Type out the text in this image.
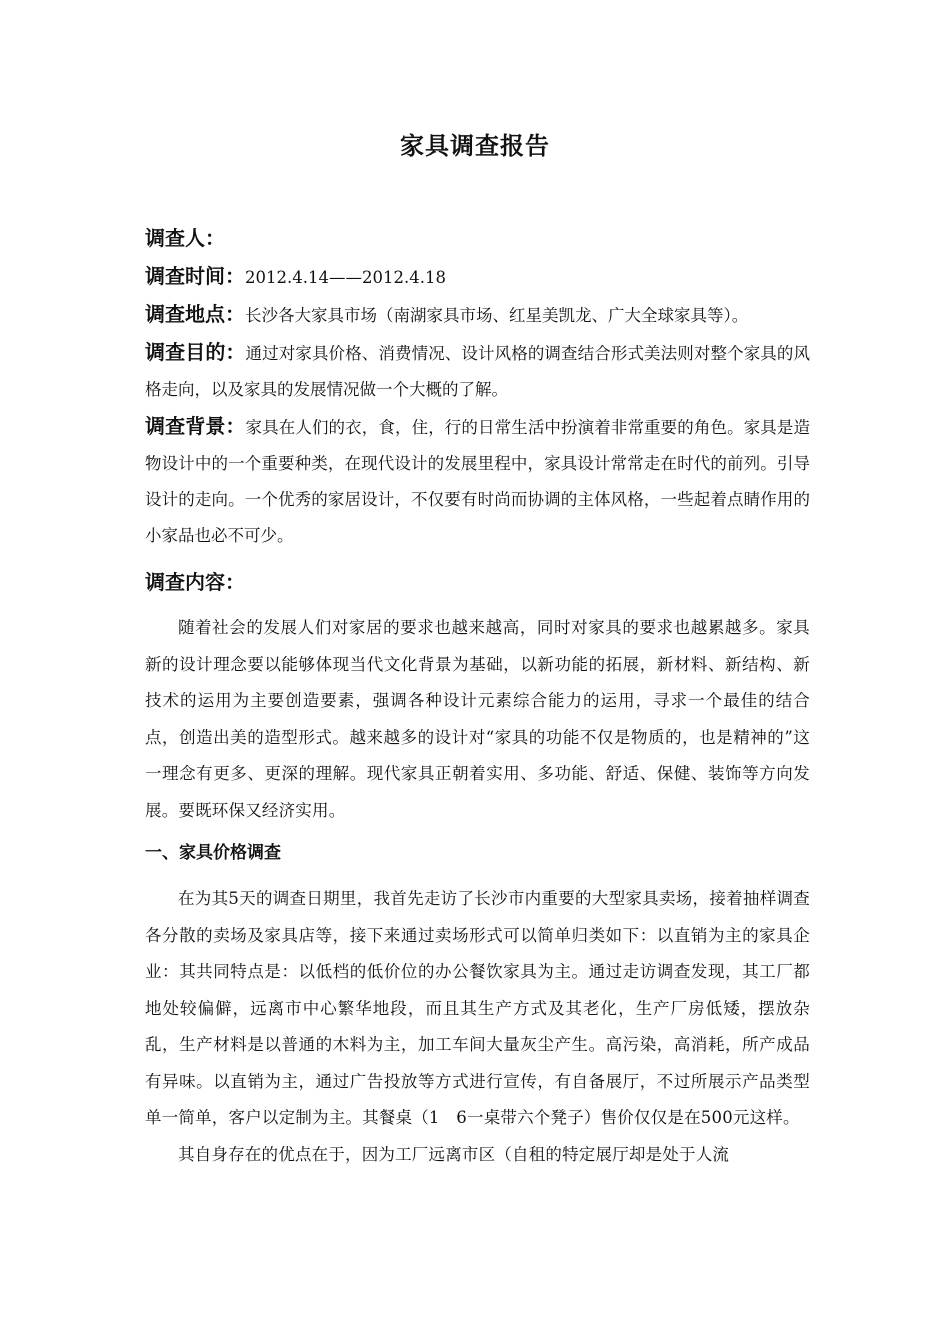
家具调查报告

调查人：

调查时间：2012.4.14——2012.4.18

调查地点：长沙各大家具市场（南湖家具市场、红星美凯龙、广大全球家具等）。

调查目的：通过对家具价格、消费情况、设计风格的调查结合形式美法则对整个家具的风格走向，以及家具的发展情况做一个大概的了解。

调查背景：家具在人们的衣，食，住，行的日常生活中扮演着非常重要的角色。家具是造物设计中的一个重要种类，在现代设计的发展里程中，家具设计常常走在时代的前列。引导设计的走向。一个优秀的家居设计，不仅要有时尚而协调的主体风格，一些起着点睛作用的小家品也必不可少。

调查内容：

随着社会的发展人们对家居的要求也越来越高，同时对家具的要求也越累越多。家具新的设计理念要以能够体现当代文化背景为基础，以新功能的拓展，新材料、新结构、新技术的运用为主要创造要素，强调各种设计元素综合能力的运用，寻求一个最佳的结合点，创造出美的造型形式。越来越多的设计对“家具的功能不仅是物质的，也是精神的”这一理念有更多、更深的理解。现代家具正朝着实用、多功能、舒适、保健、装饰等方向发展。要既环保又经济实用。

一、家具价格调查

在为其5天的调查日期里，我首先走访了长沙市内重要的大型家具卖场，接着抽样调查各分散的卖场及家具店等，接下来通过卖场形式可以简单归类如下：以直销为主的家具企业：其共同特点是：以低档的低价位的办公餐饮家具为主。通过走访调查发现，其工厂都地处较偏僻，远离市中心繁华地段，而且其生产方式及其老化，生产厂房低矮，摆放杂乱，生产材料是以普通的木料为主，加工车间大量灰尘产生。高污染，高消耗，所产成品有异味。以直销为主，通过广告投放等方式进行宣传，有自备展厅，不过所展示产品类型单一简单，客户以定制为主。其餐桌（1　6一桌带六个凳子）售价仅仅是在500元这样。

其自身存在的优点在于，因为工厂远离市区（自租的特定展厅却是处于人流
